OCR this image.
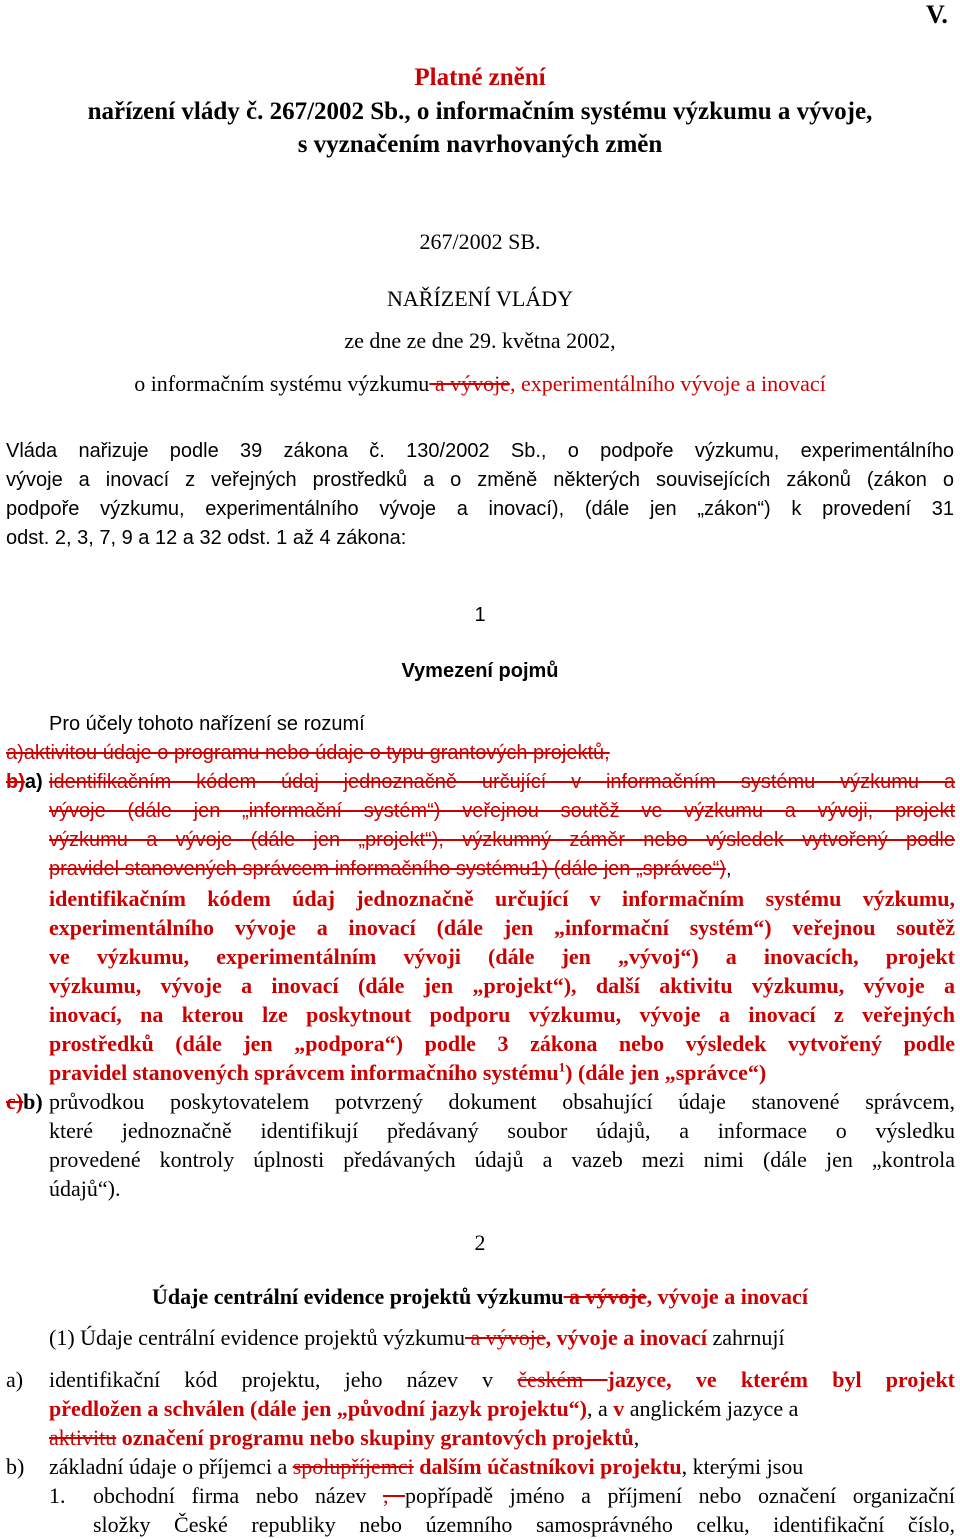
V.
Platné znění
nařízení vlády č. 267/2002 Sb., o informačním systému výzkumu a vývoje,
s vyznačením navrhovaných změn
267/2002 SB.
NAŘÍZENÍ VLÁDY
ze dne ze dne 29. května 2002,
o informačním systému výzkumu a vývoje, experimentálního vývoje a inovací
Vláda nařizuje podle 39 zákona č. 130/2002 Sb., o podpoře výzkumu, experimentálního
vývoje a inovací z veřejných prostředků a o změně některých souvisejících zákonů (zákon o
podpoře výzkumu, experimentálního vývoje a inovací), (dále jen „zákon“) k provedení 31
odst. 2, 3, 7, 9 a 12 a 32 odst. 1 až 4 zákona:
1
Vymezení pojmů
Pro účely tohoto nařízení se rozumí
a)aktivitou údaje o programu nebo údaje o typu grantových projektů,
b)a) identifikačním kódem údaj jednoznačně určující v informačním systému výzkumu a
vývoje (dále jen „informační systém“) veřejnou soutěž ve výzkumu a vývoji, projekt
výzkumu a vývoje (dále jen „projekt“), výzkumný záměr nebo výsledek vytvořený podle
pravidel stanovených správcem informačního systému1) (dále jen „správce“),
identifikačním kódem údaj jednoznačně určující v informačním systému výzkumu,
experimentálního vývoje a inovací (dále jen „informační systém“) veřejnou soutěž
ve výzkumu, experimentálním vývoji (dále jen „vývoj“) a inovacích, projekt
výzkumu, vývoje a inovací (dále jen „projekt“), další aktivitu výzkumu, vývoje a
inovací, na kterou lze poskytnout podporu výzkumu, vývoje a inovací z veřejných
prostředků (dále jen „podpora“) podle 3 zákona nebo výsledek vytvořený podle
pravidel stanovených správcem informačního systému$^1$) (dále jen „správce“)
c)b) průvodkou poskytovatelem potvrzený dokument obsahující údaje stanovené správcem,
které jednoznačně identifikují předávaný soubor údajů, a informace o výsledku
provedené kontroly úplnosti předávaných údajů a vazeb mezi nimi (dále jen „kontrola
údajů“).
2
Údaje centrální evidence projektů výzkumu a vývoje, vývoje a inovací
(1) Údaje centrální evidence projektů výzkumu a vývoje, vývoje a inovací zahrnují
a) identifikační kód projektu, jeho název v českém jazyce, ve kterém byl projekt
předložen a schválen (dále jen „původní jazyk projektu“), a v anglickém jazyce a
aktivitu označení programu nebo skupiny grantových projektů,
b) základní údaje o příjemci a spolupříjemci dalším účastníkovi projektu, kterými jsou
1. obchodní firma nebo název , popřípadě jméno a příjmení nebo označení organizační
složky České republiky nebo územního samosprávného celku, identifikační číslo,
